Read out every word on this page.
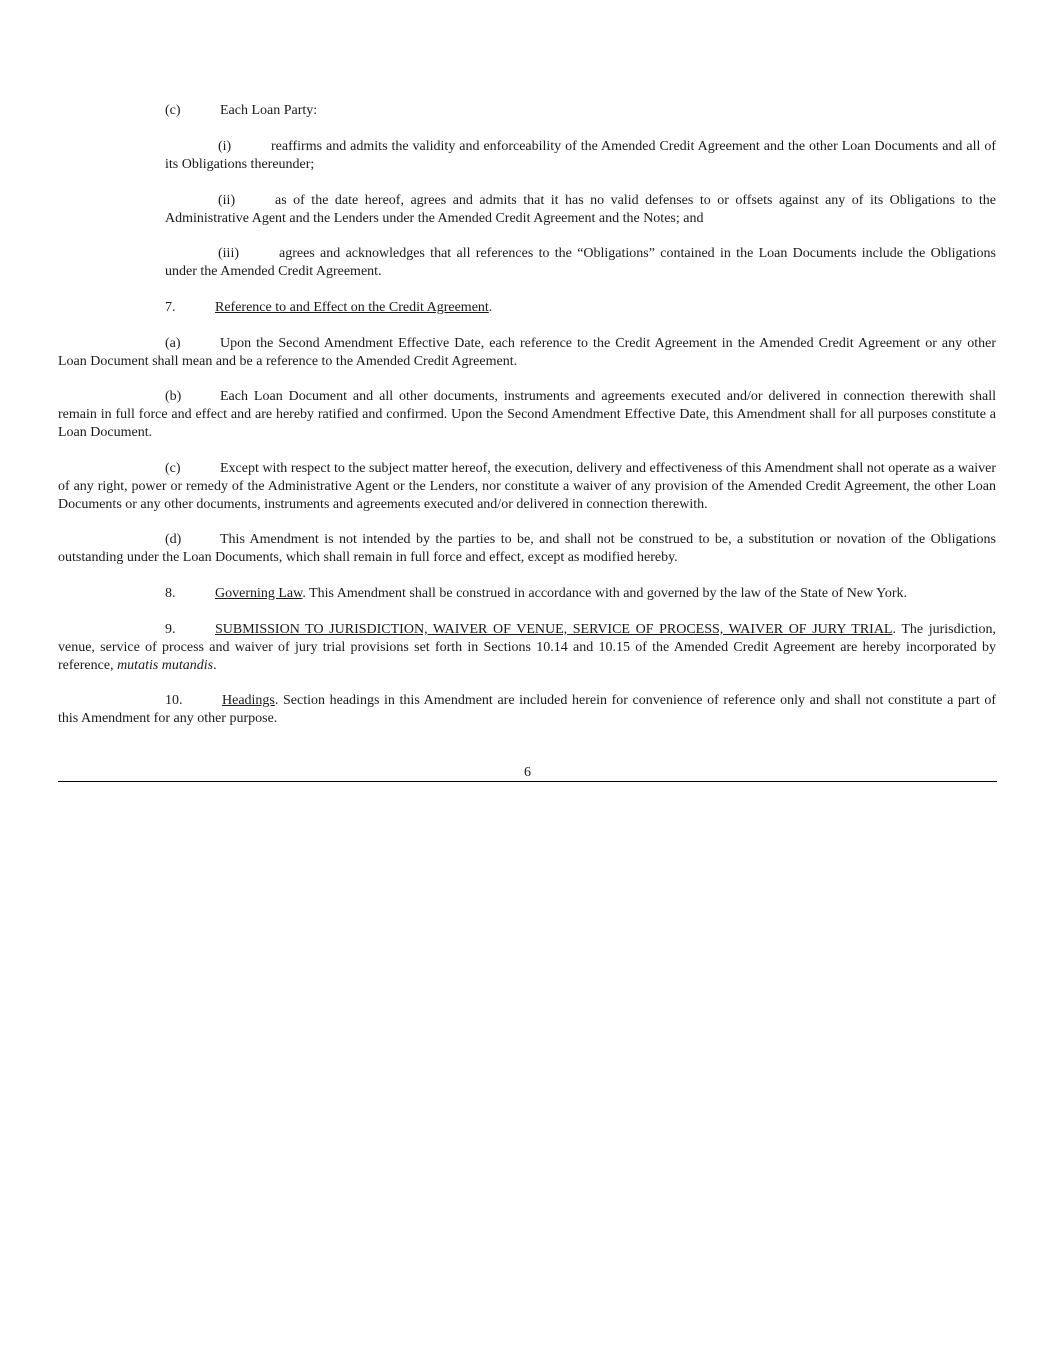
(c)	Each Loan Party:

(i)	reaffirms and admits the validity and enforceability of the Amended Credit Agreement and the other Loan Documents and all of its Obligations thereunder;

(ii)	as of the date hereof, agrees and admits that it has no valid defenses to or offsets against any of its Obligations to the Administrative Agent and the Lenders under the Amended Credit Agreement and the Notes; and

(iii)	agrees and acknowledges that all references to the “Obligations” contained in the Loan Documents include the Obligations under the Amended Credit Agreement.

7.	Reference to and Effect on the Credit Agreement.

(a)	Upon the Second Amendment Effective Date, each reference to the Credit Agreement in the Amended Credit Agreement or any other Loan Document shall mean and be a reference to the Amended Credit Agreement.

(b)	Each Loan Document and all other documents, instruments and agreements executed and/or delivered in connection therewith shall remain in full force and effect and are hereby ratified and confirmed. Upon the Second Amendment Effective Date, this Amendment shall for all purposes constitute a Loan Document.

(c)	Except with respect to the subject matter hereof, the execution, delivery and effectiveness of this Amendment shall not operate as a waiver of any right, power or remedy of the Administrative Agent or the Lenders, nor constitute a waiver of any provision of the Amended Credit Agreement, the other Loan Documents or any other documents, instruments and agreements executed and/or delivered in connection therewith.

(d)	This Amendment is not intended by the parties to be, and shall not be construed to be, a substitution or novation of the Obligations outstanding under the Loan Documents, which shall remain in full force and effect, except as modified hereby.

8.	Governing Law. This Amendment shall be construed in accordance with and governed by the law of the State of New York.

9.	SUBMISSION TO JURISDICTION, WAIVER OF VENUE, SERVICE OF PROCESS, WAIVER OF JURY TRIAL. The jurisdiction, venue, service of process and waiver of jury trial provisions set forth in Sections 10.14 and 10.15 of the Amended Credit Agreement are hereby incorporated by reference, mutatis mutandis.

10.	Headings. Section headings in this Amendment are included herein for convenience of reference only and shall not constitute a part of this Amendment for any other purpose.

6
